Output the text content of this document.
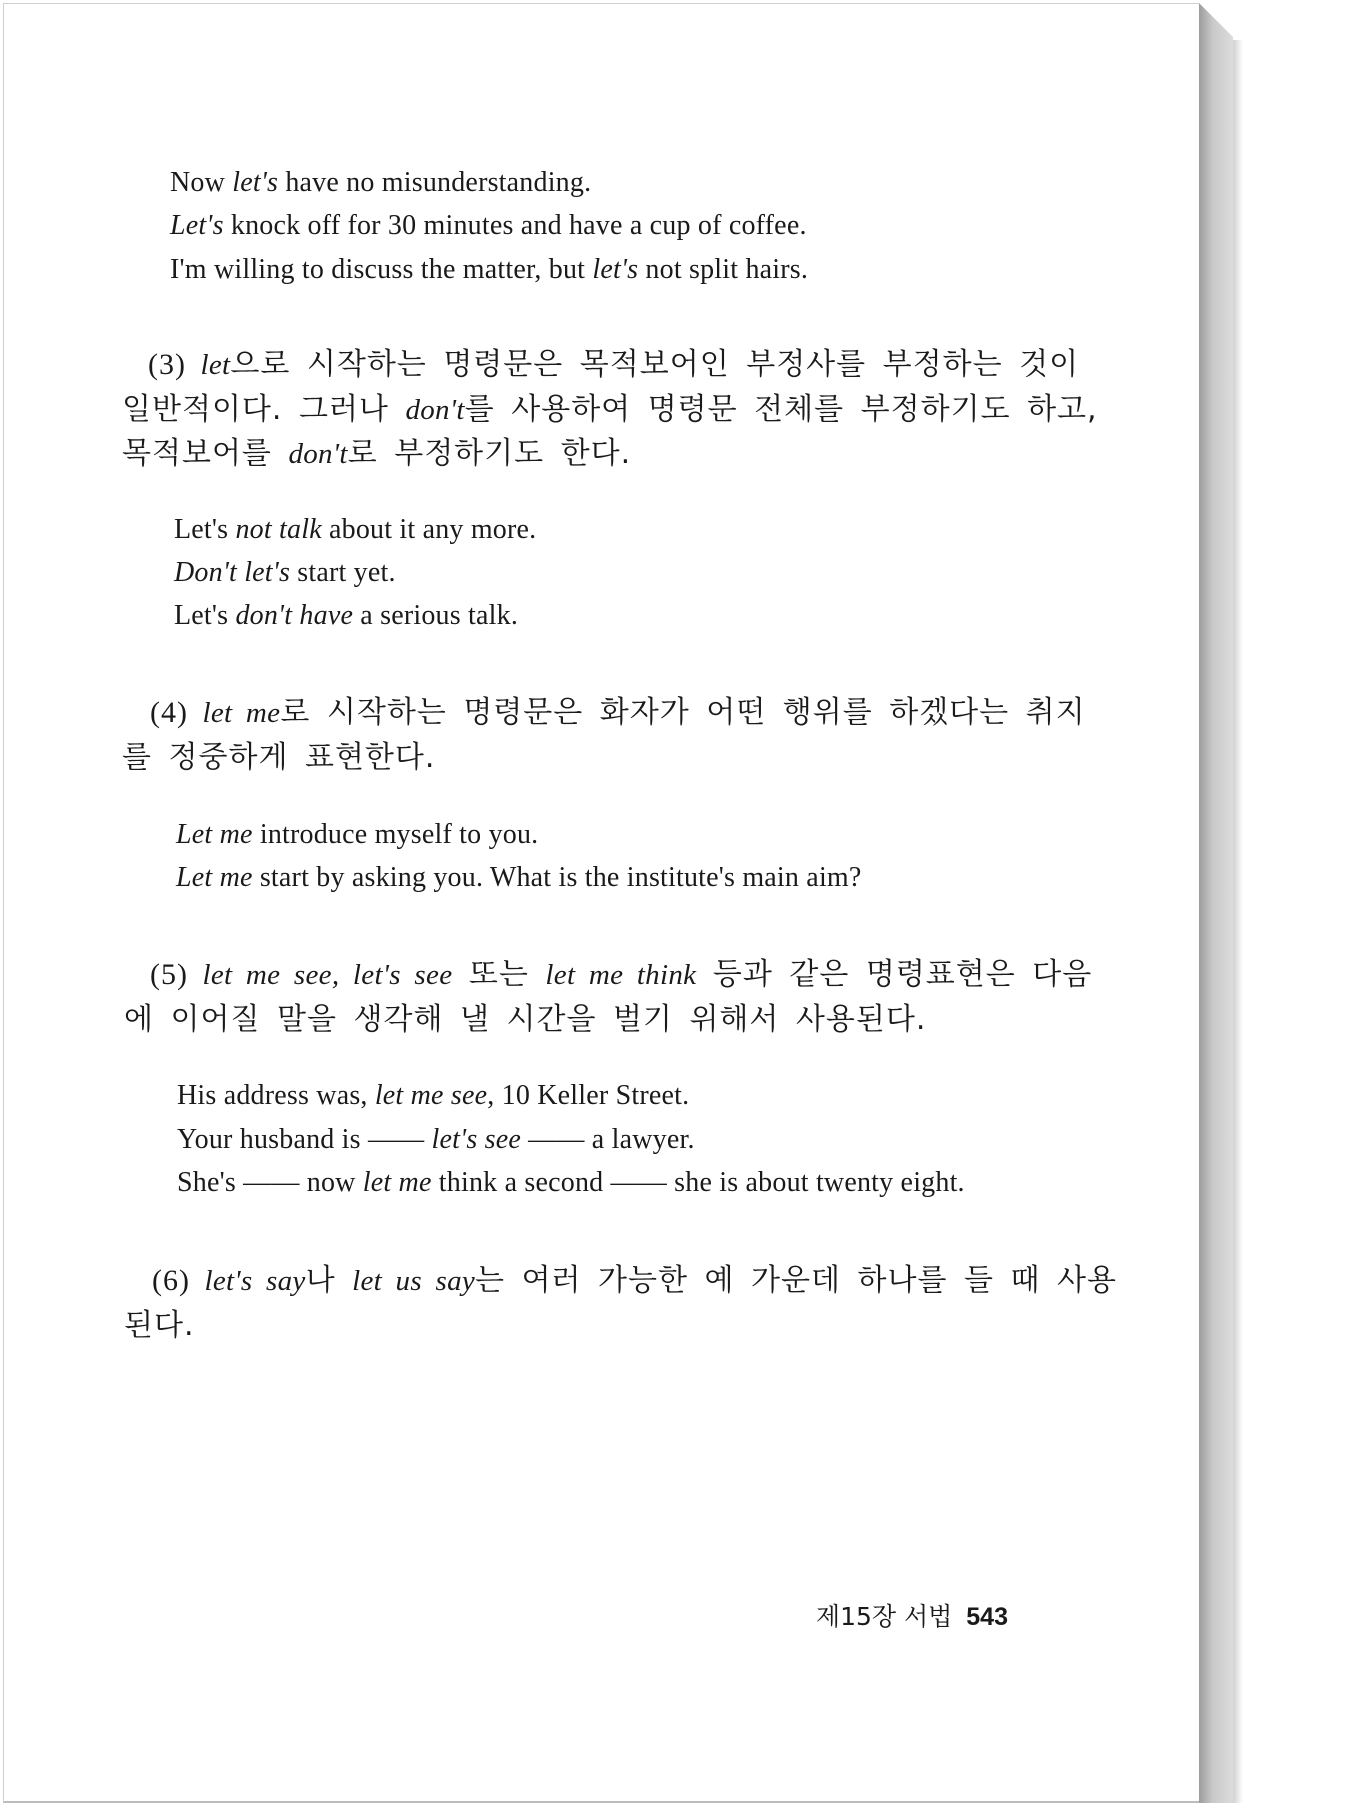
Now let's have no misunderstanding.
Let's knock off for 30 minutes and have a cup of coffee.
I'm willing to discuss the matter, but let's not split hairs.
(3) let으로 시작하는 명령문은 목적보어인 부정사를 부정하는 것이
일반적이다. 그러나 don't를 사용하여 명령문 전체를 부정하기도 하고,
목적보어를 don't로 부정하기도 한다.
Let's not talk about it any more.
Don't let's start yet.
Let's don't have a serious talk.
(4) let me로 시작하는 명령문은 화자가 어떤 행위를 하겠다는 취지
를 정중하게 표현한다.
Let me introduce myself to you.
Let me start by asking you. What is the institute's main aim?
(5) let me see, let's see 또는 let me think 등과 같은 명령표현은 다음
에 이어질 말을 생각해 낼 시간을 벌기 위해서 사용된다.
His address was, let me see, 10 Keller Street.
Your husband is —— let's see —— a lawyer.
She's —— now let me think a second —— she is about twenty eight.
(6) let's say나 let us say는 여러 가능한 예 가운데 하나를 들 때 사용
된다.
제15장 서법 543
